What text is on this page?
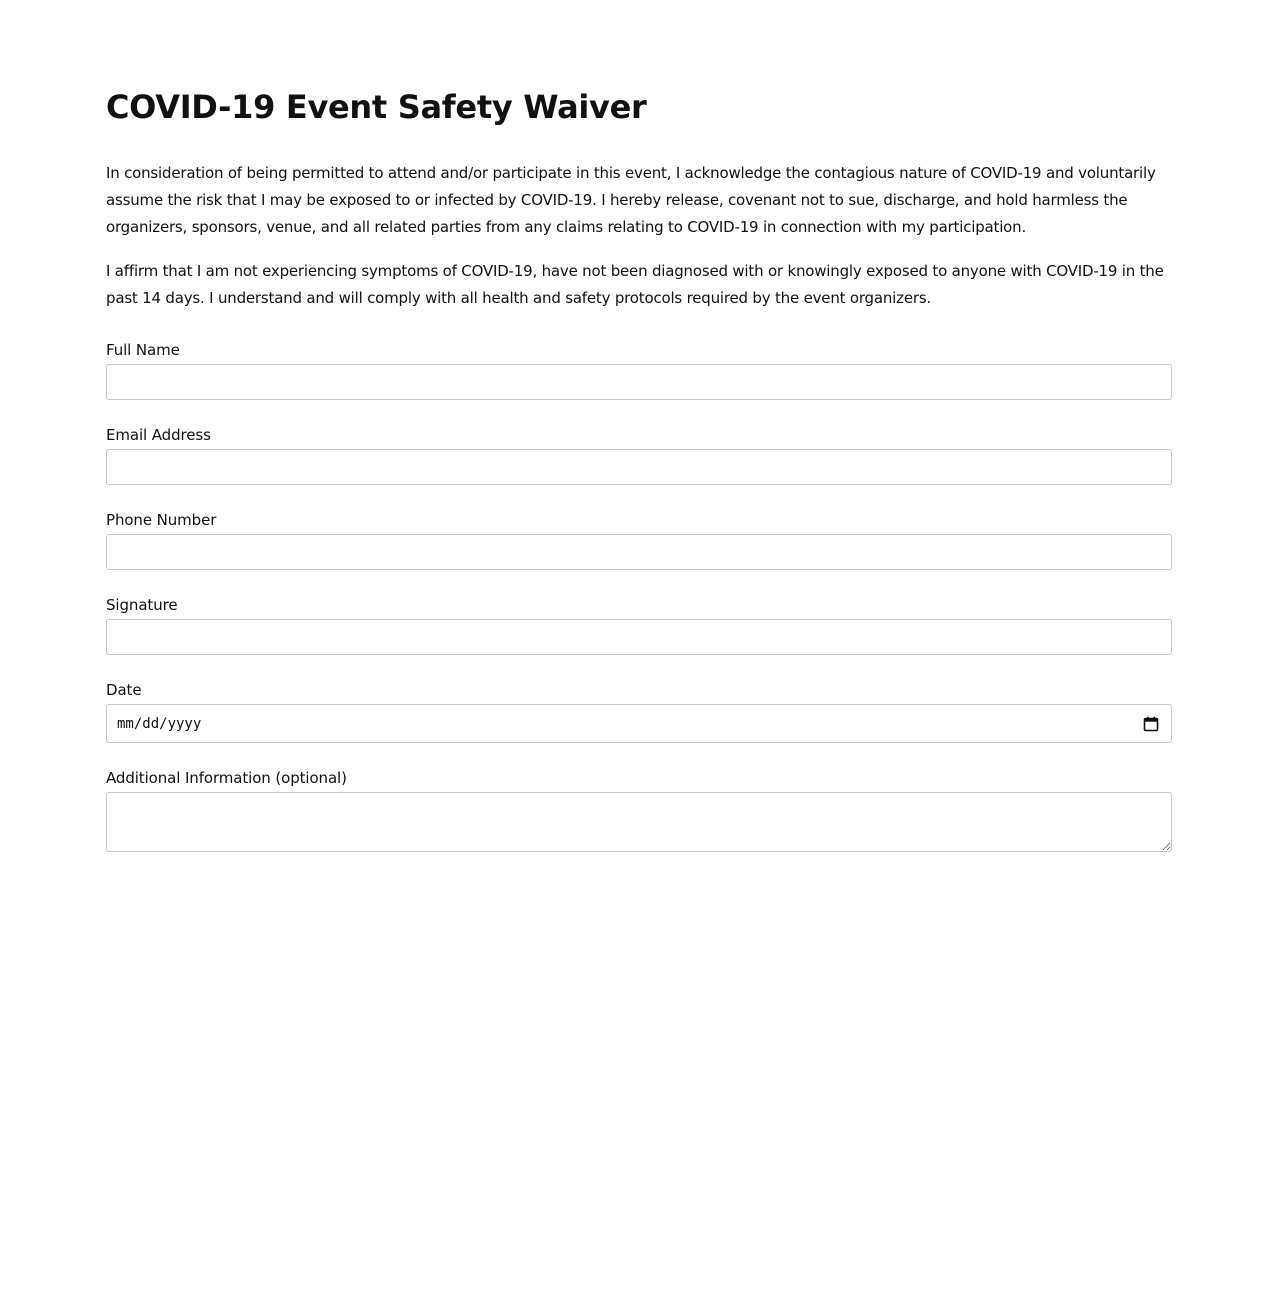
COVID-19 Event Safety Waiver

In consideration of being permitted to attend and/or participate in this event, I acknowledge the contagious nature of COVID-19 and voluntarily assume the risk that I may be exposed to or infected by COVID-19. I hereby release, covenant not to sue, discharge, and hold harmless the organizers, sponsors, venue, and all related parties from any claims relating to COVID-19 in connection with my participation.

I affirm that I am not experiencing symptoms of COVID-19, have not been diagnosed with or knowingly exposed to anyone with COVID-19 in the past 14 days. I understand and will comply with all health and safety protocols required by the event organizers.

Full Name
Email Address
Phone Number
Signature
Date
mm/dd/yyyy
Additional Information (optional)
